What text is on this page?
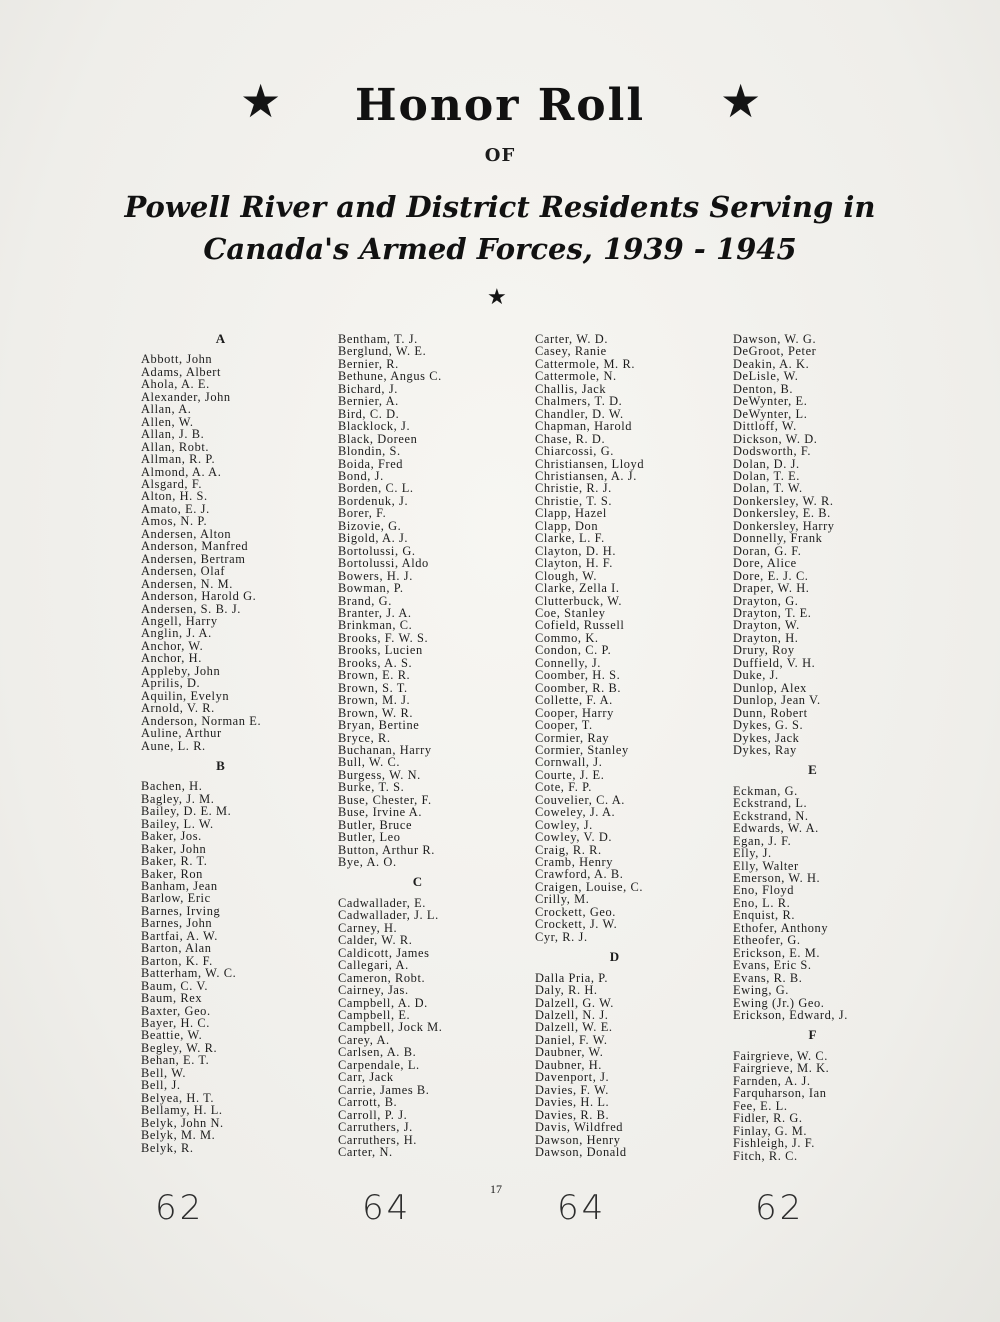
★	Honor Roll	★
OF
Powell River and District Residents Serving in
Canada's Armed Forces, 1939 - 1945
★
A
Abbott, John
Adams, Albert
Ahola, A. E.
Alexander, John
Allan, A.
Allen, W.
Allan, J. B.
Allan, Robt.
Allman, R. P.
Almond, A. A.
Alsgard, F.
Alton, H. S.
Amato, E. J.
Amos, N. P.
Andersen, Alton
Anderson, Manfred
Andersen, Bertram
Andersen, Olaf
Andersen, N. M.
Anderson, Harold G.
Andersen, S. B. J.
Angell, Harry
Anglin, J. A.
Anchor, W.
Anchor, H.
Appleby, John
Aprilis, D.
Aquilin, Evelyn
Arnold, V. R.
Anderson, Norman E.
Auline, Arthur
Aune, L. R.
B
Bachen, H.
Bagley, J. M.
Bailey, D. E. M.
Bailey, L. W.
Baker, Jos.
Baker, John
Baker, R. T.
Baker, Ron
Banham, Jean
Barlow, Eric
Barnes, Irving
Barnes, John
Bartfai, A. W.
Barton, Alan
Barton, K. F.
Batterham, W. C.
Baum, C. V.
Baum, Rex
Baxter, Geo.
Bayer, H. C.
Beattie, W.
Begley, W. R.
Behan, E. T.
Bell, W.
Bell, J.
Belyea, H. T.
Bellamy, H. L.
Belyk, John N.
Belyk, M. M.
Belyk, R.
Bentham, T. J.
Berglund, W. E.
Bernier, R.
Bethune, Angus C.
Bichard, J.
Bernier, A.
Bird, C. D.
Blacklock, J.
Black, Doreen
Blondin, S.
Boida, Fred
Bond, J.
Borden, C. L.
Bordenuk, J.
Borer, F.
Bizovie, G.
Bigold, A. J.
Bortolussi, G.
Bortolussi, Aldo
Bowers, H. J.
Bowman, P.
Brand, G.
Branter, J. A.
Brinkman, C.
Brooks, F. W. S.
Brooks, Lucien
Brooks, A. S.
Brown, E. R.
Brown, S. T.
Brown, M. J.
Brown, W. R.
Bryan, Bertine
Bryce, R.
Buchanan, Harry
Bull, W. C.
Burgess, W. N.
Burke, T. S.
Buse, Chester, F.
Buse, Irvine A.
Butler, Bruce
Butler, Leo
Button, Arthur R.
Bye, A. O.
C
Cadwallader, E.
Cadwallader, J. L.
Carney, H.
Calder, W. R.
Caldicott, James
Callegari, A.
Cameron, Robt.
Cairney, Jas.
Campbell, A. D.
Campbell, E.
Campbell, Jock M.
Carey, A.
Carlsen, A. B.
Carpendale, L.
Carr, Jack
Carrie, James B.
Carrott, B.
Carroll, P. J.
Carruthers, J.
Carruthers, H.
Carter, N.
Carter, W. D.
Casey, Ranie
Cattermole, M. R.
Cattermole, N.
Challis, Jack
Chalmers, T. D.
Chandler, D. W.
Chapman, Harold
Chase, R. D.
Chiarcossi, G.
Christiansen, Lloyd
Christiansen, A. J.
Christie, R. J.
Christie, T. S.
Clapp, Hazel
Clapp, Don
Clarke, L. F.
Clayton, D. H.
Clayton, H. F.
Clough, W.
Clarke, Zella I.
Clutterbuck, W.
Coe, Stanley
Cofield, Russell
Commo, K.
Condon, C. P.
Connelly, J.
Coomber, H. S.
Coomber, R. B.
Collette, F. A.
Cooper, Harry
Cooper, T.
Cormier, Ray
Cormier, Stanley
Cornwall, J.
Courte, J. E.
Cote, F. P.
Couvelier, C. A.
Coweley, J. A.
Cowley, J.
Cowley, V. D.
Craig, R. R.
Cramb, Henry
Crawford, A. B.
Craigen, Louise, C.
Crilly, M.
Crockett, Geo.
Crockett, J. W.
Cyr, R. J.
D
Dalla Pria, P.
Daly, R. H.
Dalzell, G. W.
Dalzell, N. J.
Dalzell, W. E.
Daniel, F. W.
Daubner, W.
Daubner, H.
Davenport, J.
Davies, F. W.
Davies, H. L.
Davies, R. B.
Davis, Wildfred
Dawson, Henry
Dawson, Donald
Dawson, W. G.
DeGroot, Peter
Deakin, A. K.
DeLisle, W.
Denton, B.
DeWynter, E.
DeWynter, L.
Dittloff, W.
Dickson, W. D.
Dodsworth, F.
Dolan, D. J.
Dolan, T. E.
Dolan, T. W.
Donkersley, W. R.
Donkersley, E. B.
Donkersley, Harry
Donnelly, Frank
Doran, G. F.
Dore, Alice
Dore, E. J. C.
Draper, W. H.
Drayton, G.
Drayton, T. E.
Drayton, W.
Drayton, H.
Drury, Roy
Duffield, V. H.
Duke, J.
Dunlop, Alex
Dunlop, Jean V.
Dunn, Robert
Dykes, G. S.
Dykes, Jack
Dykes, Ray
E
Eckman, G.
Eckstrand, L.
Eckstrand, N.
Edwards, W. A.
Egan, J. F.
Elly, J.
Elly, Walter
Emerson, W. H.
Eno, Floyd
Eno, L. R.
Enquist, R.
Ethofer, Anthony
Etheofer, G.
Erickson, E. M.
Evans, Eric S.
Evans, R. B.
Ewing, G.
Ewing (Jr.) Geo.
Erickson, Edward, J.
F
Fairgrieve, W. C.
Fairgrieve, M. K.
Farnden, A. J.
Farquharson, Ian
Fee, E. L.
Fidler, R. G.
Finlay, G. M.
Fishleigh, J. F.
Fitch, R. C.
17
62	64	64	62
